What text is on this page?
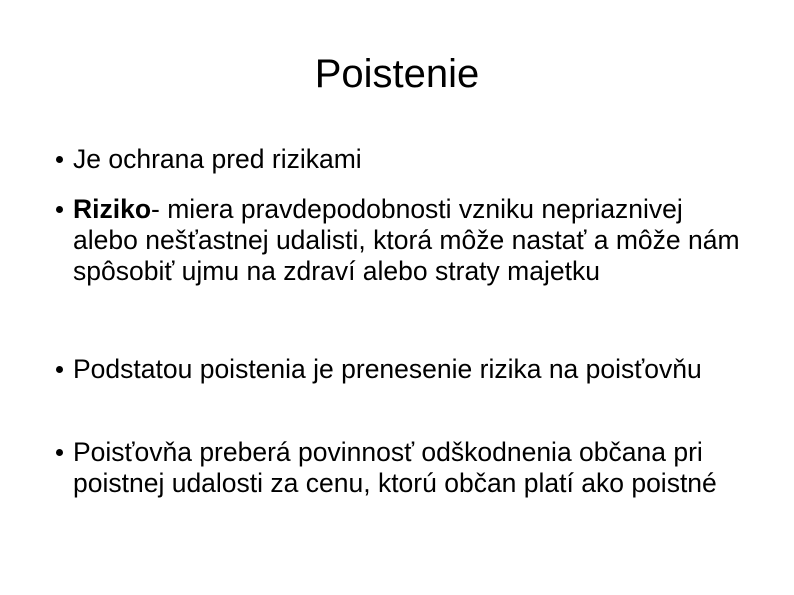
Poistenie
Je ochrana pred rizikami
Riziko- miera pravdepodobnosti vzniku nepriaznivej alebo nešťastnej udalisti, ktorá môže nastať a môže nám spôsobiť ujmu na zdraví alebo straty majetku
Podstatou poistenia je prenesenie rizika na poisťovňu
Poisťovňa preberá povinnosť odškodnenia občana pri poistnej udalosti za cenu, ktorú občan platí ako poistné
